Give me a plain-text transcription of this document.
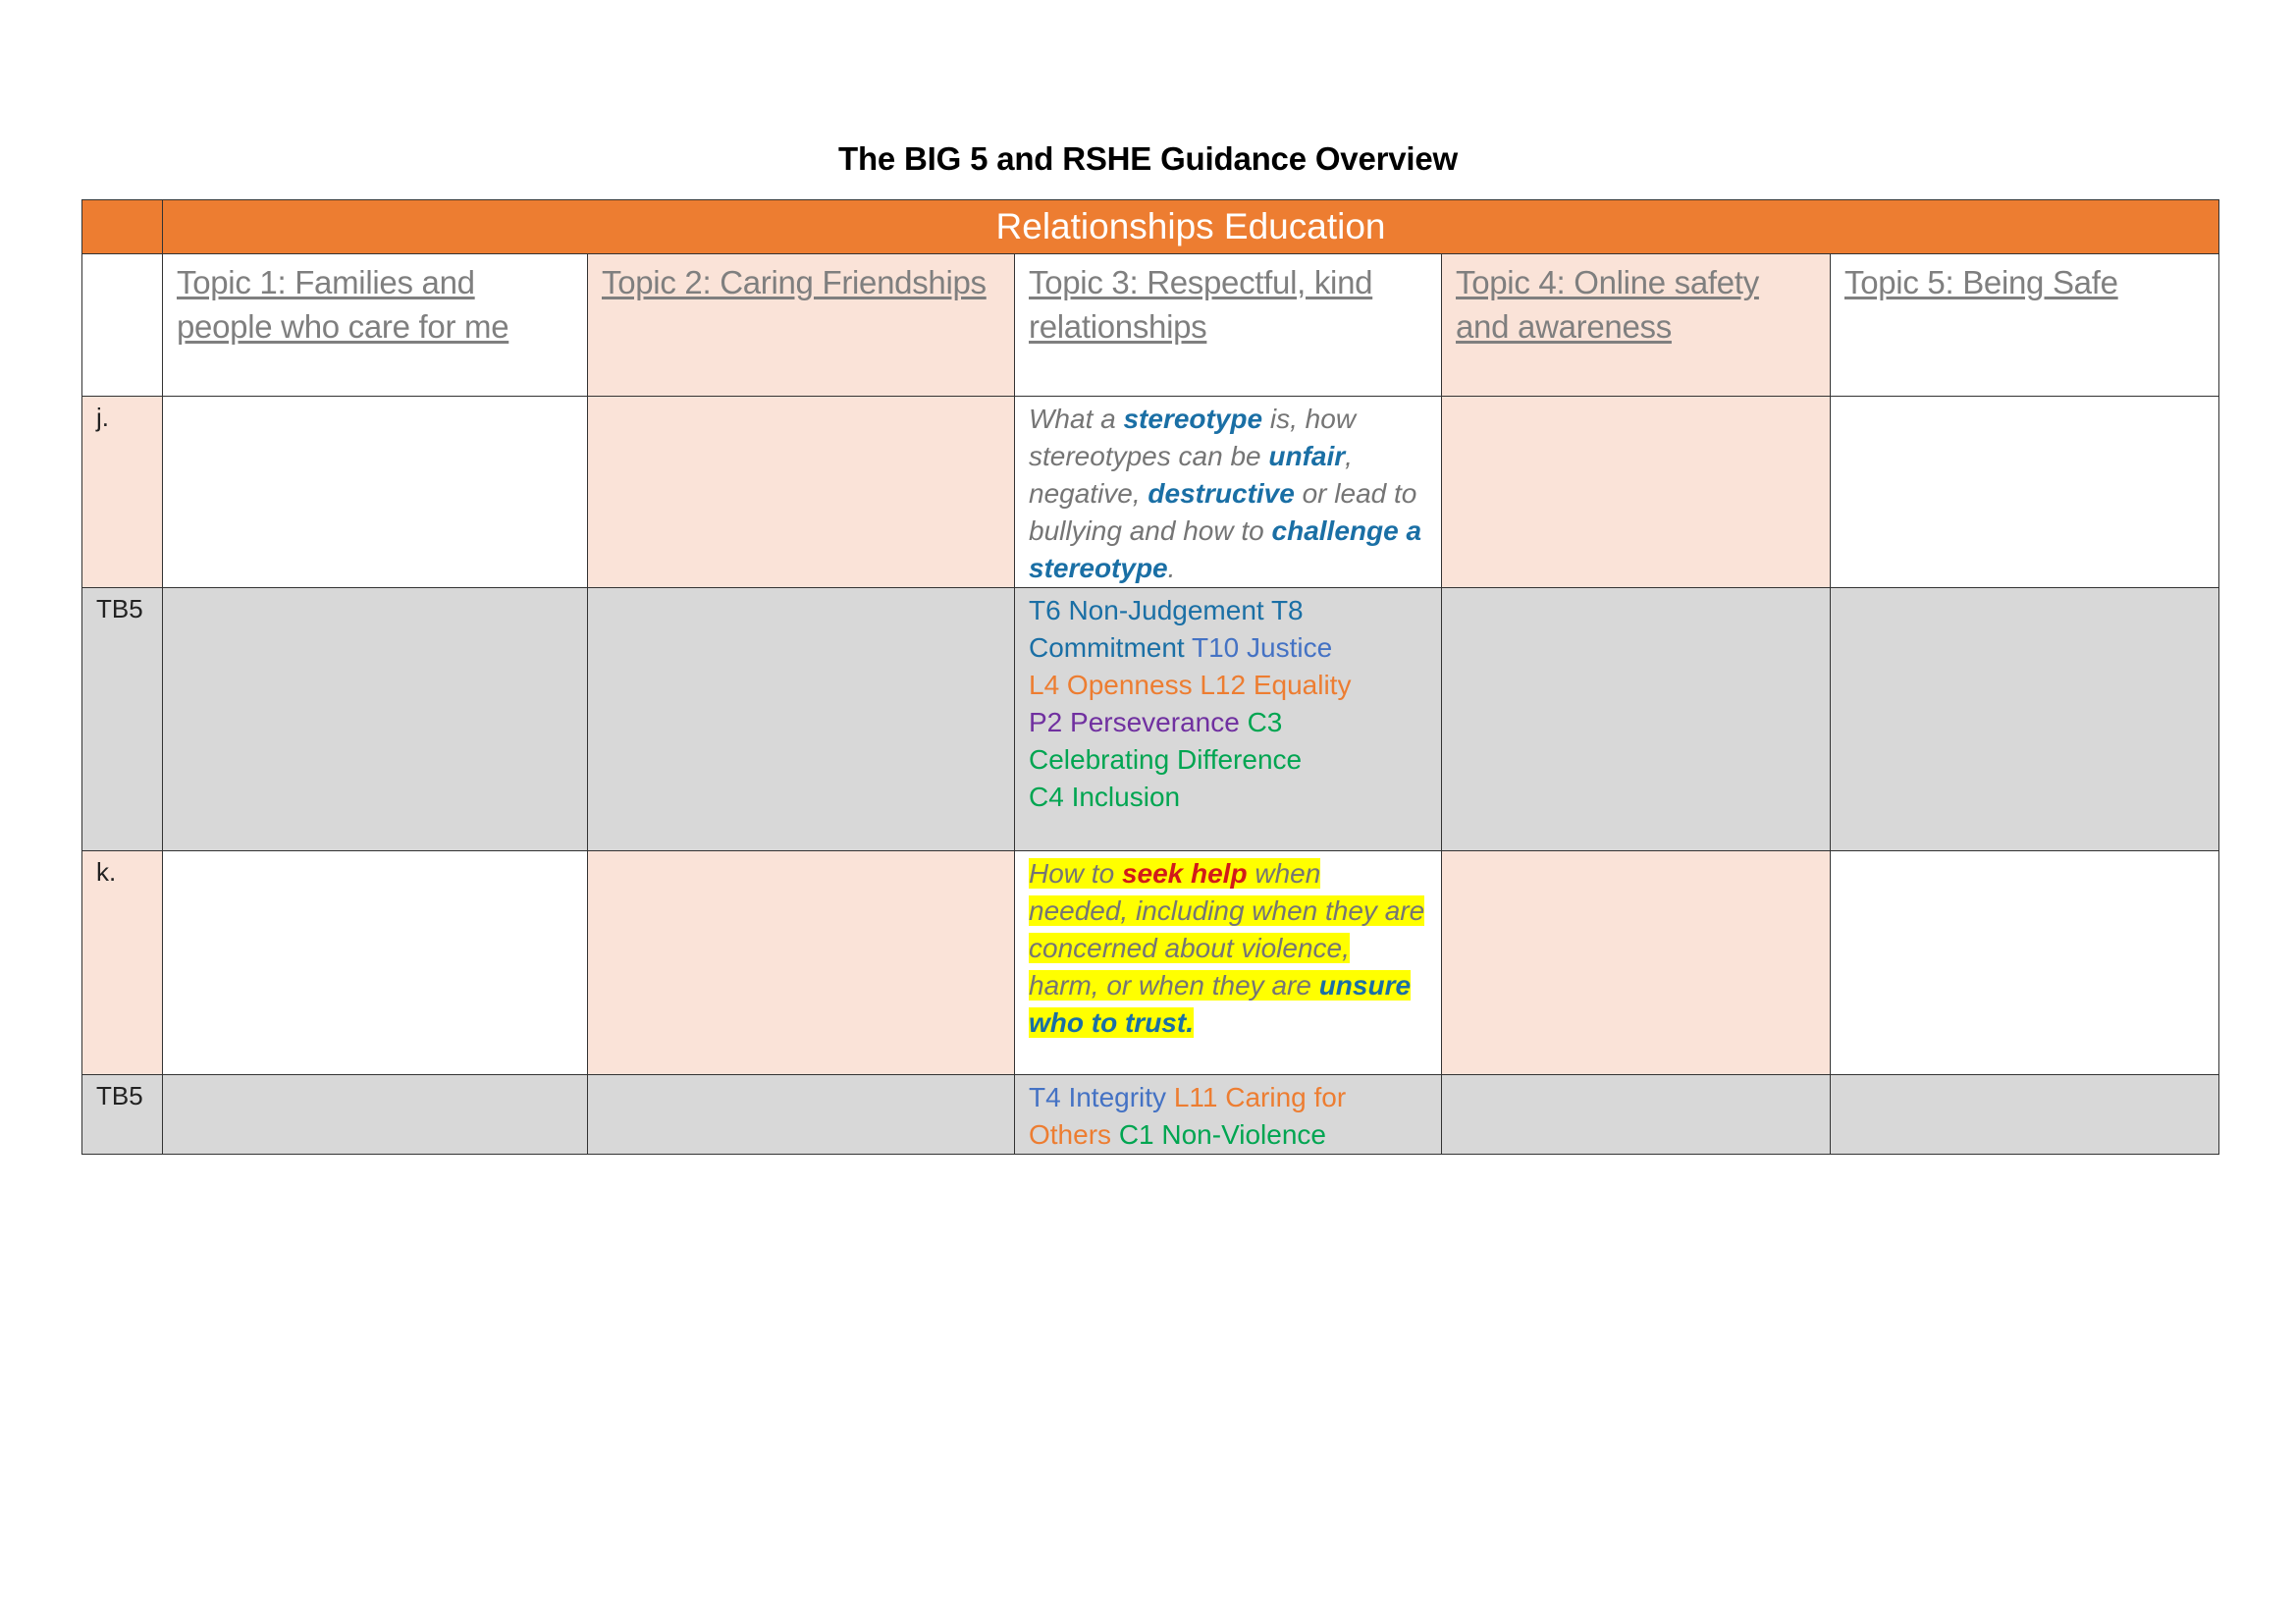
The BIG 5 and RSHE Guidance Overview
	Relationships Education				

	Topic 1: Families and people who care for me	Topic 2: Caring Friendships	Topic 3: Respectful, kind relationships	Topic 4: Online safety and awareness	Topic 5: Being Safe

j.			What a stereotype is, how stereotypes can be unfair, negative, destructive or lead to bullying and how to challenge a stereotype.		
TB5			T6 Non-Judgement T8 Commitment T10 Justice
L4 Openness L12 Equality
P2 Perseverance C3 Celebrating Difference
C4 Inclusion		
k.			How to seek help when needed, including when they are concerned about violence, harm, or when they are unsure who to trust.		
TB5			T4 Integrity L11 Caring for Others C1 Non-Violence		
